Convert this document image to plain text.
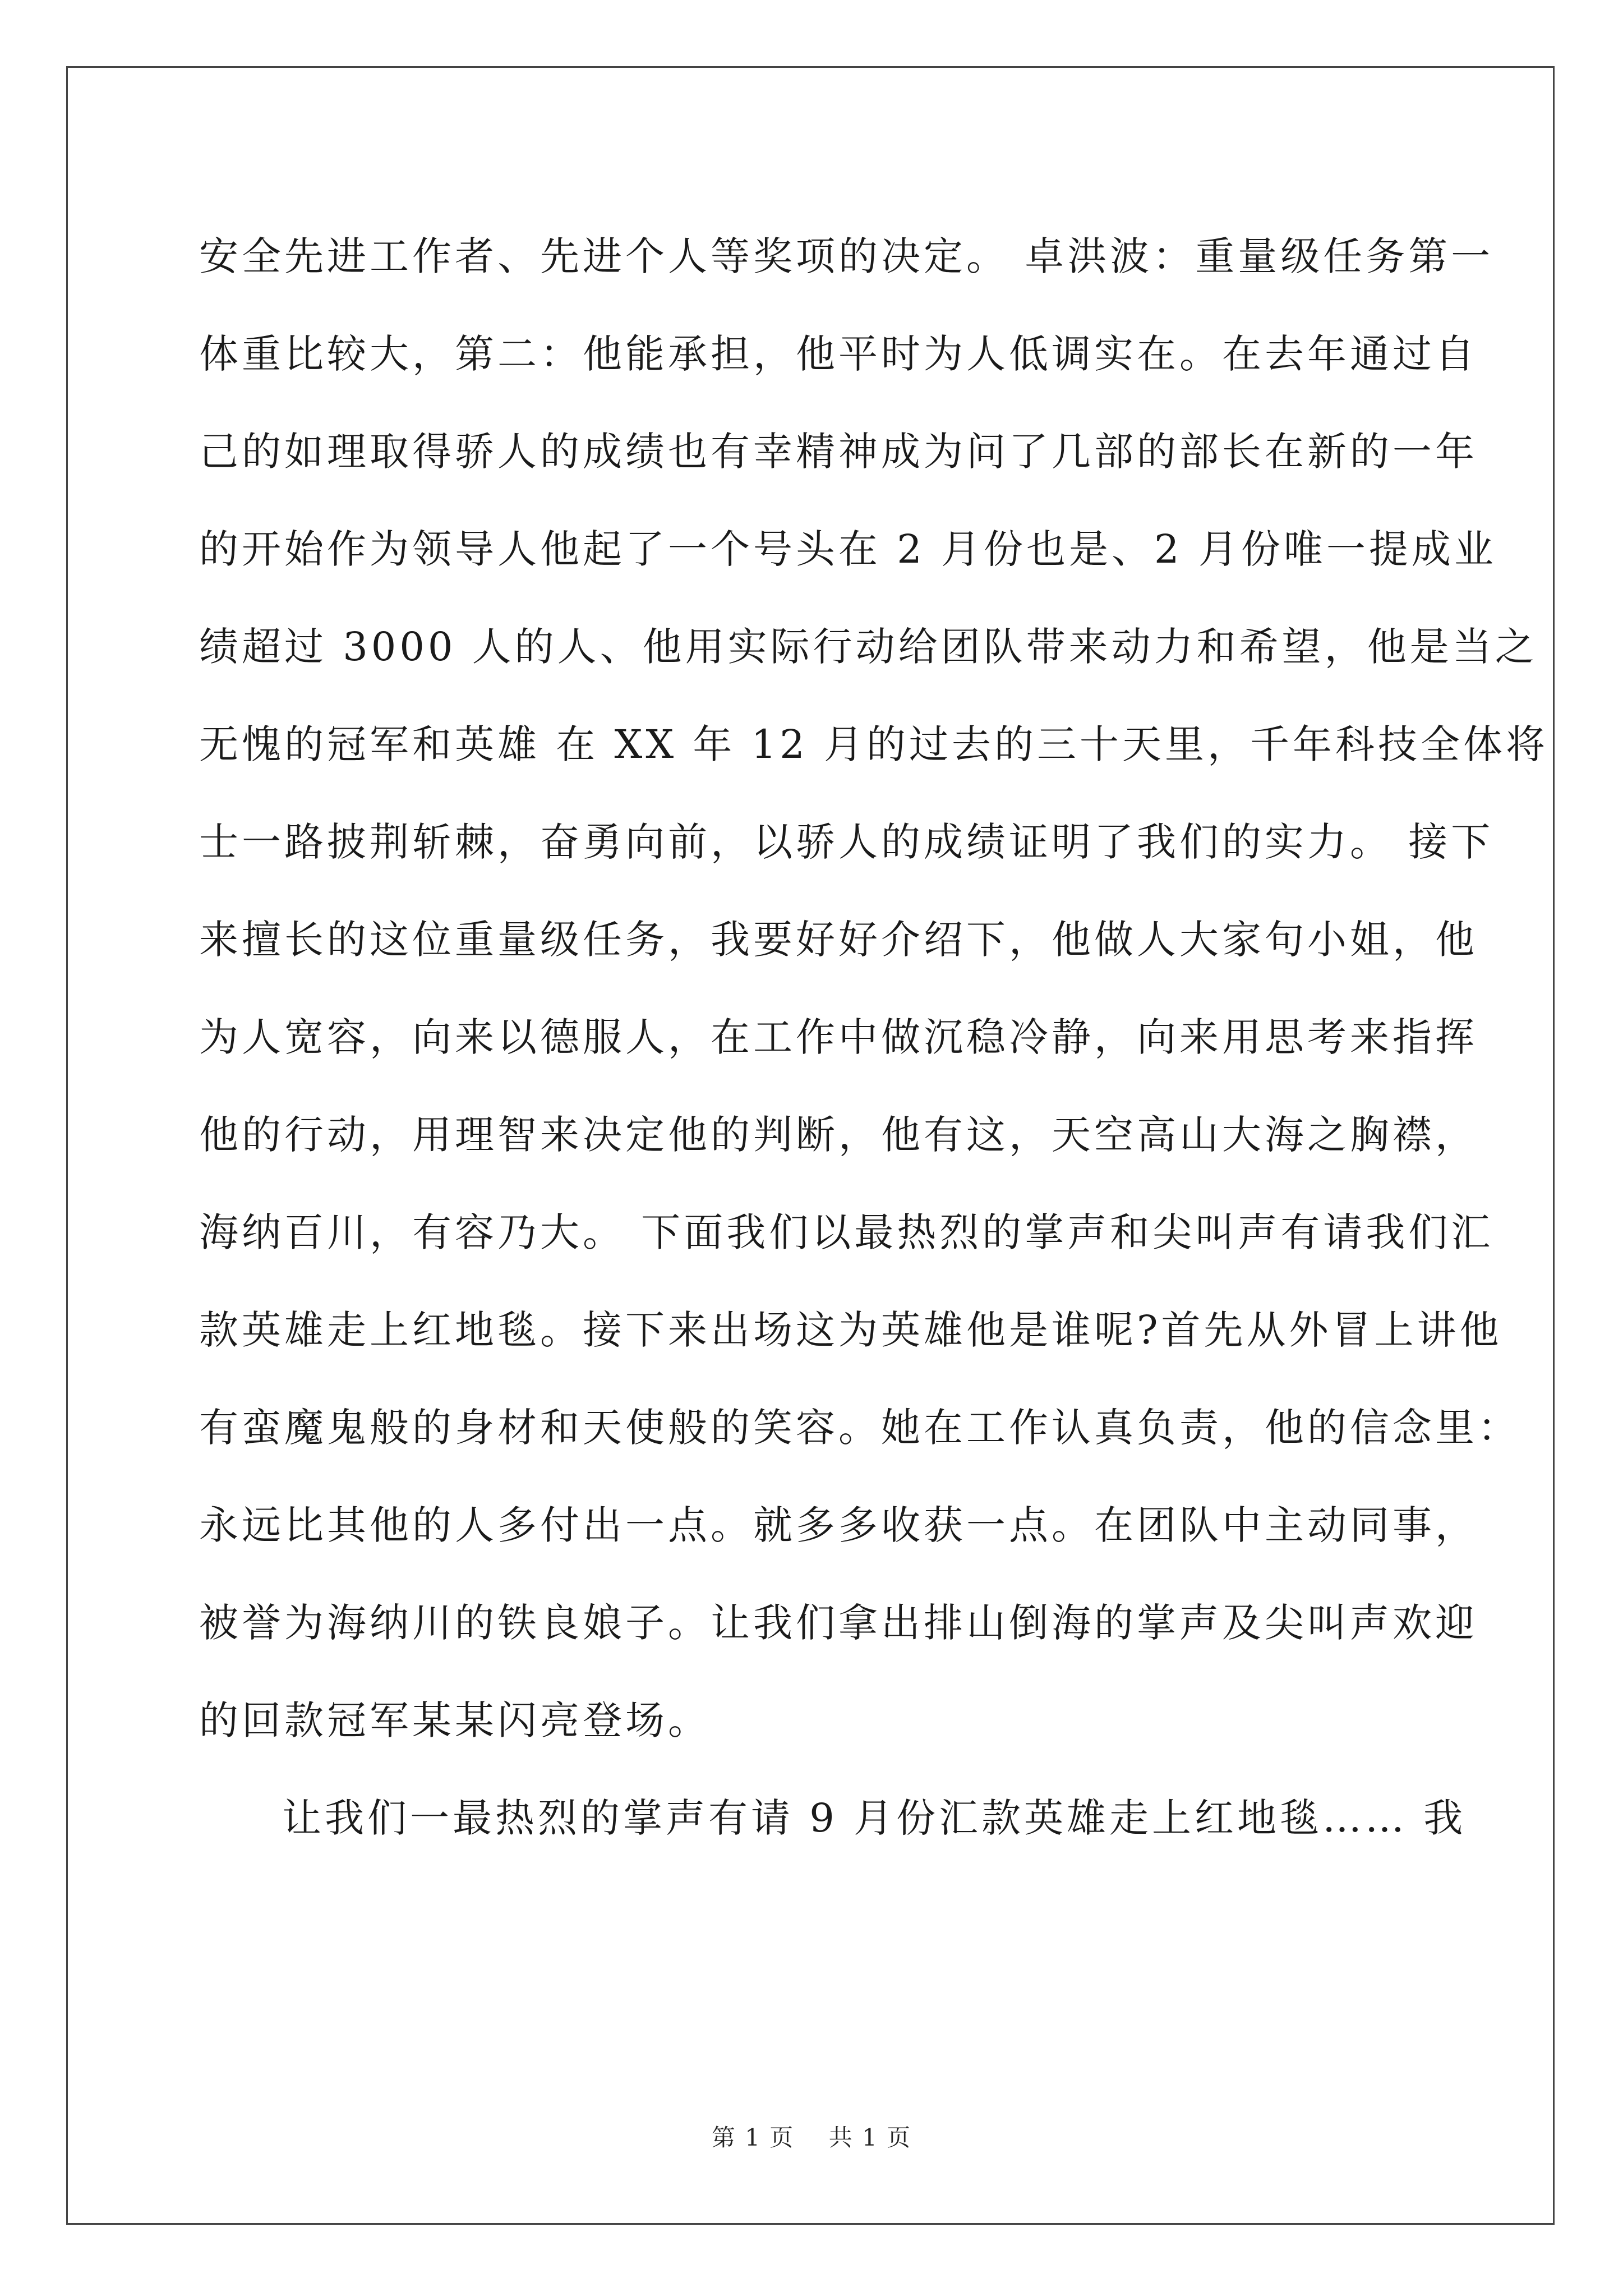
安全先进工作者、先进个人等奖项的决定。 卓洪波：重量级任务第一

体重比较大，第二：他能承担，他平时为人低调实在。在去年通过自

己的如理取得骄人的成绩也有幸精神成为问了几部的部长在新的一年

的开始作为领导人他起了一个号头在 2 月份也是、2 月份唯一提成业

绩超过 3000 人的人、他用实际行动给团队带来动力和希望，他是当之

无愧的冠军和英雄 在 XX 年 12 月的过去的三十天里，千年科技全体将

士一路披荆斩棘，奋勇向前，以骄人的成绩证明了我们的实力。 接下

来擅长的这位重量级任务，我要好好介绍下，他做人大家句小姐，他

为人宽容，向来以德服人，在工作中做沉稳冷静，向来用思考来指挥

他的行动，用理智来决定他的判断，他有这，天空高山大海之胸襟，

海纳百川，有容乃大。 下面我们以最热烈的掌声和尖叫声有请我们汇

款英雄走上红地毯。接下来出场这为英雄他是谁呢?首先从外冒上讲他

有蛮魔鬼般的身材和天使般的笑容。她在工作认真负责，他的信念里：

永远比其他的人多付出一点。就多多收获一点。在团队中主动同事，

被誉为海纳川的铁良娘子。让我们拿出排山倒海的掌声及尖叫声欢迎

的回款冠军某某闪亮登场。

让我们一最热烈的掌声有请 9 月份汇款英雄走上红地毯…… 我

第 1 页    共 1 页
